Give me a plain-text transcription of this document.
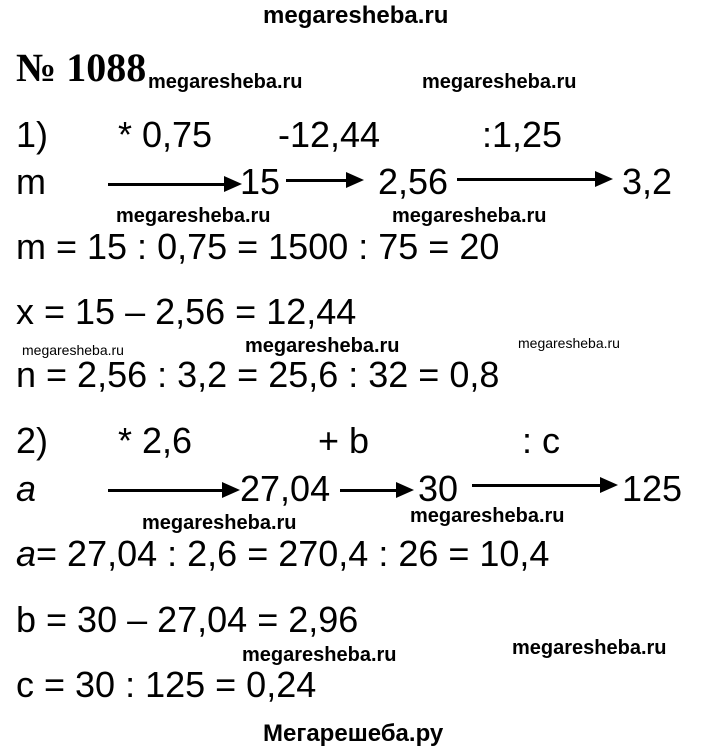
megaresheba.ru
№ 1088 megaresheba.ru	megaresheba.ru
1) * 0,75 -12,44	:1,25
m	15	2,56	3,2
megaresheba.ru	megaresheba.ru
m = 15 : 0,75 = 1500 : 75 = 20
x = 15 – 2,56 = 12,44
megaresheba.ru	megaresheba.ru	megaresheba.ru
n = 2,56 : 3,2 = 25,6 : 32 = 0,8
2) * 2,6	+ b	: c
a	27,04 30	125
megaresheba.ru	megaresheba.ru
a= 27,04 : 2,6 = 270,4 : 26 = 10,4
b = 30 – 27,04 = 2,96
megaresheba.ru
megaresheba.ru
c = 30 : 125 = 0,24
Мегарешеба.ру
